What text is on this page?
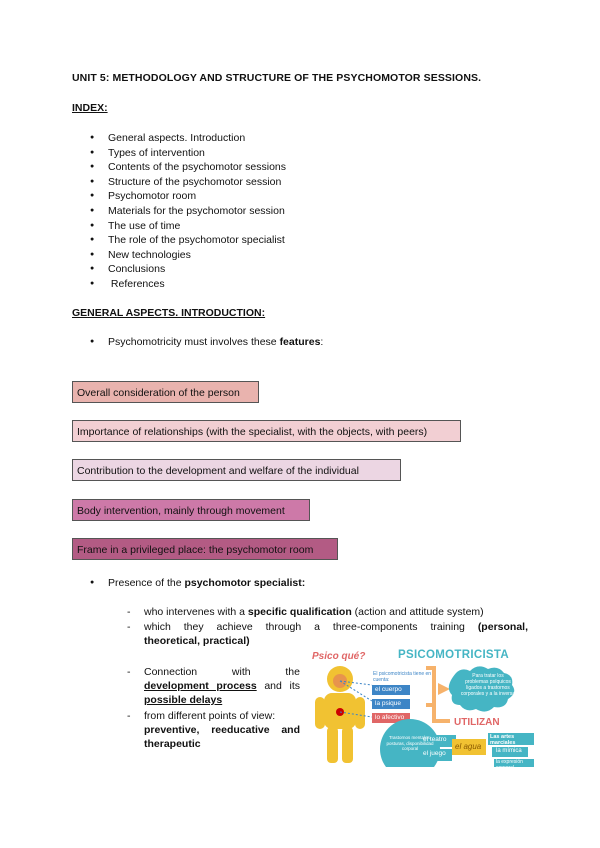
UNIT 5: METHODOLOGY AND STRUCTURE OF THE PSYCHOMOTOR SESSIONS.
INDEX:
● General aspects. Introduction
● Types of intervention
● Contents of the psychomotor sessions
● Structure of the psychomotor session
● Psychomotor room
● Materials for the psychomotor session
● The use of time
● The role of the psychomotor specialist
● New technologies
● Conclusions
●  References
GENERAL ASPECTS. INTRODUCTION:
● Psychomotricity must involves these features:
Overall consideration of the person
Importance of relationships (with the specialist, with the objects, with peers)
Contribution to the development and welfare of the individual
Body intervention, mainly through movement
Frame in a privileged place: the psychomotor room
● Presence of the psychomotor specialist:
- who intervenes with a specific qualification (action and attitude system)
- which they achieve through a three-components training (personal,
theoretical, practical)
- Connection with the
development process and its
possible delays
- from different points of view:
preventive, reeducative and
therapeutic
Psico qué?	PSICOMOTRICISTA
El psicomotricista tiene en cuenta:
el cuerpo
la psique
lo afectivo
Para tratar los problemas psíquicos ligados a trastornos corporales y a la inversa
UTILIZAN
Trastornos mentales, posturas, disponibilidad corporal
el teatro
el juego
el agua
Las artes marciales
la mímica
la expresión corporal
